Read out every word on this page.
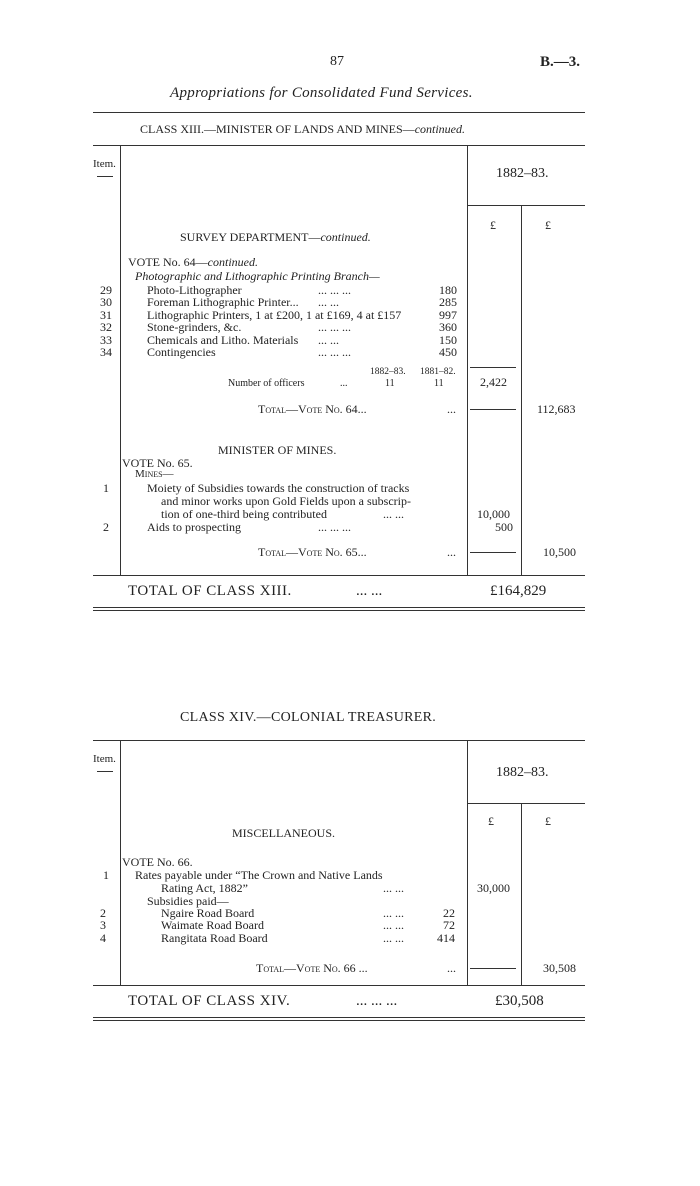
87	B.—3.
Appropriations for Consolidated Fund Services.
CLASS XIII.—MINISTER OF LANDS AND MINES—continued.
Item.
1882–83.
£	£
SURVEY DEPARTMENT—continued.
VOTE No. 64—continued.
Photographic and Lithographic Printing Branch—
29	Photo-Lithographer	... ... ...	180
30	Foreman Lithographic Printer... ... ...	285
31	Lithographic Printers, 1 at £200, 1 at £169, 4 at £157	997
32	Stone-grinders, &c.	... ... ...	360
33	Chemicals and Litho. Materials ... ...	150
34	Contingencies	... ... ...	450
1882–83. 1881–82.
Number of officers	...	11	11	2,422
Total—Vote No. 64...	...	112,683
MINISTER OF MINES.
VOTE No. 65.
Mines—
1	Moiety of Subsidies towards the construction of tracks
and minor works upon Gold Fields upon a subscrip-
tion of one-third being contributed	... ...	10,000
2	Aids to prospecting	... ... ...	500
Total—Vote No. 65...	...	10,500
TOTAL OF CLASS XIII.	... ...	£164,829
CLASS XIV.—COLONIAL TREASURER.
Item.
1882–83.
£	£
MISCELLANEOUS.
VOTE No. 66.
1 Rates payable under “The Crown and Native Lands
Rating Act, 1882”	... ...	30,000
Subsidies paid—
2	Ngaire Road Board	... ...	22
3	Waimate Road Board	... ...	72
4	Rangitata Road Board	... ...	414
Total—Vote No. 66 ...	...	30,508
TOTAL OF CLASS XIV.	... ... ...	£30,508
